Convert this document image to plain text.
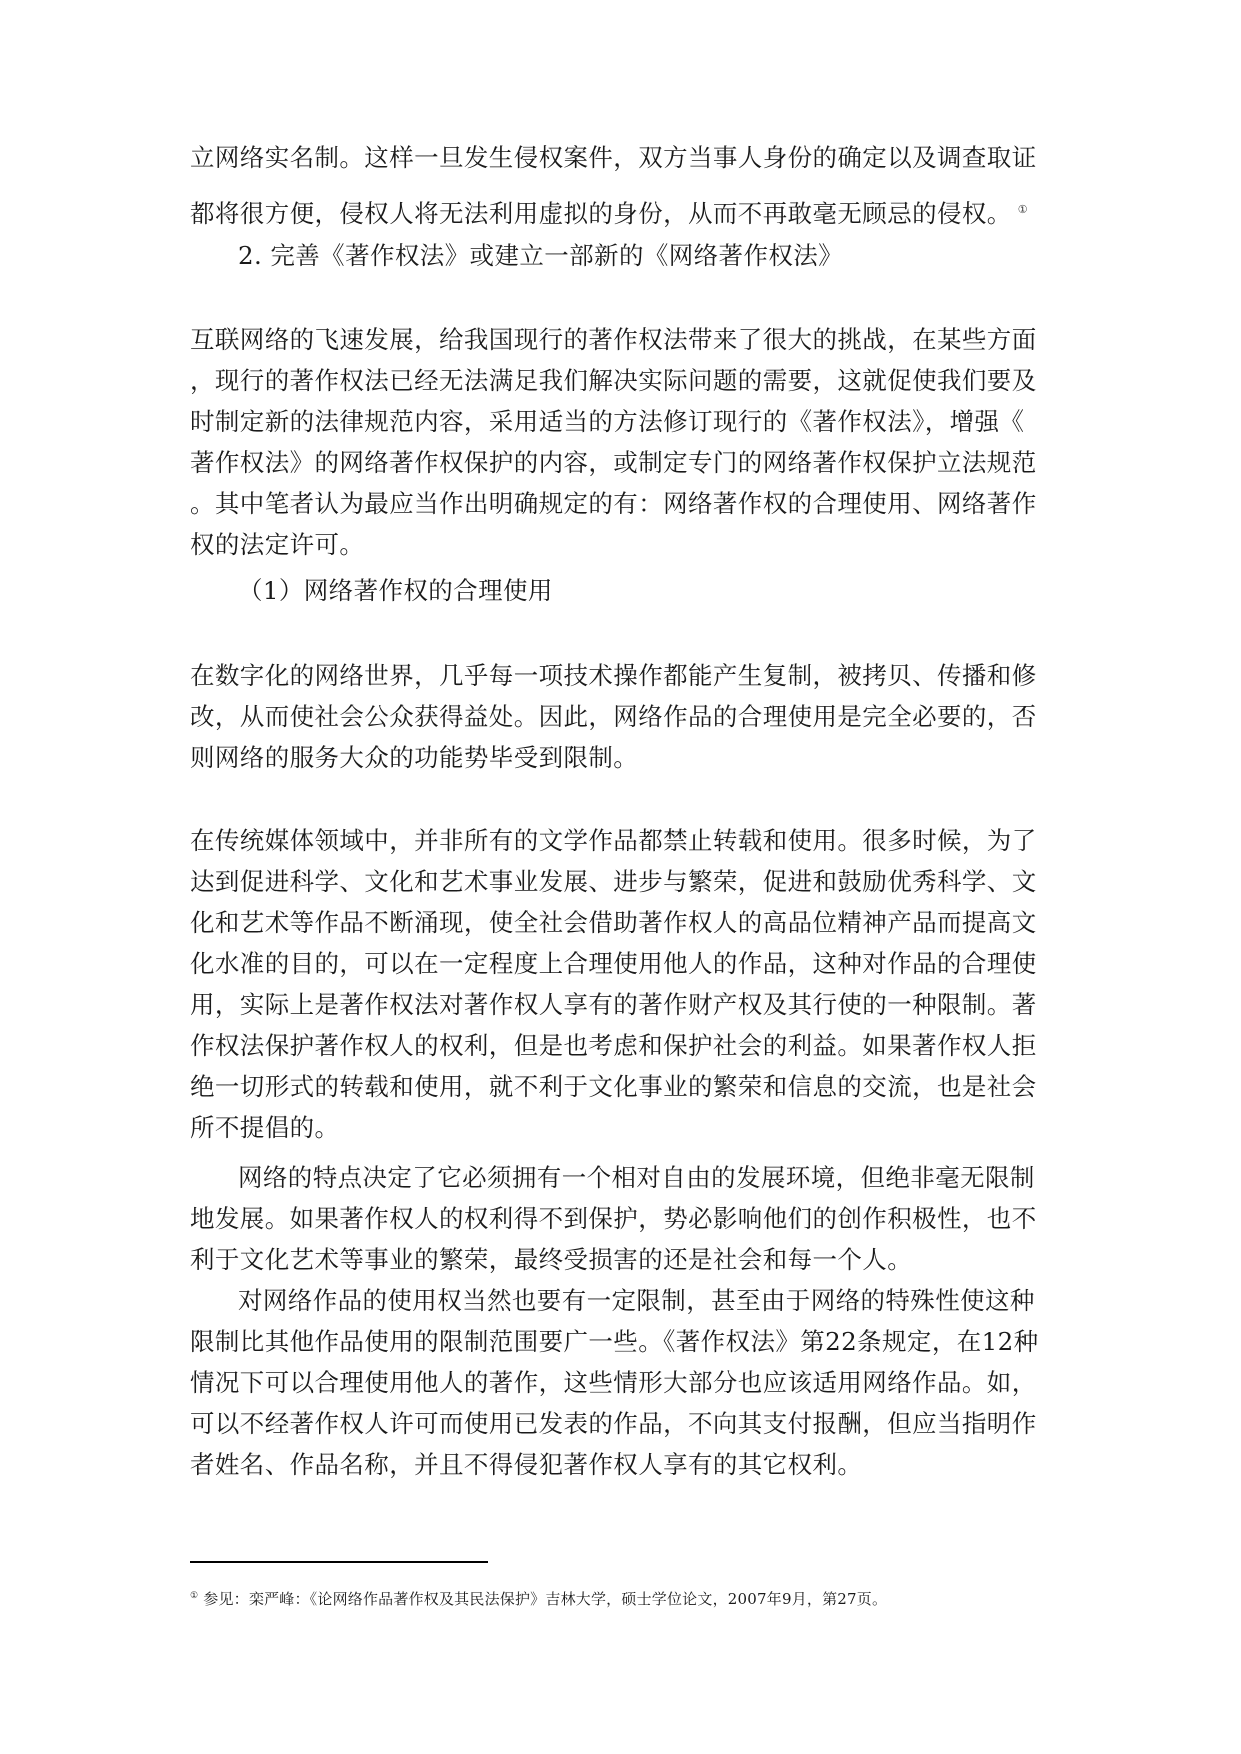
立网络实名制。这样一旦发生侵权案件，双方当事人身份的确定以及调查取证
都将很方便，侵权人将无法利用虚拟的身份，从而不再敢毫无顾忌的侵权。 ①
2. 完善《著作权法》或建立一部新的《网络著作权法》
互联网络的飞速发展，给我国现行的著作权法带来了很大的挑战，在某些方面
，现行的著作权法已经无法满足我们解决实际问题的需要，这就促使我们要及
时制定新的法律规范内容，采用适当的方法修订现行的《著作权法》，增强《
著作权法》的网络著作权保护的内容，或制定专门的网络著作权保护立法规范
。其中笔者认为最应当作出明确规定的有：网络著作权的合理使用、网络著作
权的法定许可。
（1）网络著作权的合理使用
在数字化的网络世界，几乎每一项技术操作都能产生复制，被拷贝、传播和修
改，从而使社会公众获得益处。因此，网络作品的合理使用是完全必要的，否
则网络的服务大众的功能势毕受到限制。
在传统媒体领域中，并非所有的文学作品都禁止转载和使用。很多时候，为了
达到促进科学、文化和艺术事业发展、进步与繁荣，促进和鼓励优秀科学、文
化和艺术等作品不断涌现，使全社会借助著作权人的高品位精神产品而提高文
化水准的目的，可以在一定程度上合理使用他人的作品，这种对作品的合理使
用，实际上是著作权法对著作权人享有的著作财产权及其行使的一种限制。著
作权法保护著作权人的权利，但是也考虑和保护社会的利益。如果著作权人拒
绝一切形式的转载和使用，就不利于文化事业的繁荣和信息的交流，也是社会
所不提倡的。
网络的特点决定了它必须拥有一个相对自由的发展环境，但绝非毫无限制
地发展。如果著作权人的权利得不到保护，势必影响他们的创作积极性，也不
利于文化艺术等事业的繁荣，最终受损害的还是社会和每一个人。
对网络作品的使用权当然也要有一定限制，甚至由于网络的特殊性使这种
限制比其他作品使用的限制范围要广一些。《著作权法》第22条规定，在12种
情况下可以合理使用他人的著作，这些情形大部分也应该适用网络作品。如，
可以不经著作权人许可而使用已发表的作品，不向其支付报酬，但应当指明作
者姓名、作品名称，并且不得侵犯著作权人享有的其它权利。
① 参见：栾严峰：《论网络作品著作权及其民法保护》吉林大学，硕士学位论文，2007年9月，第27页。
